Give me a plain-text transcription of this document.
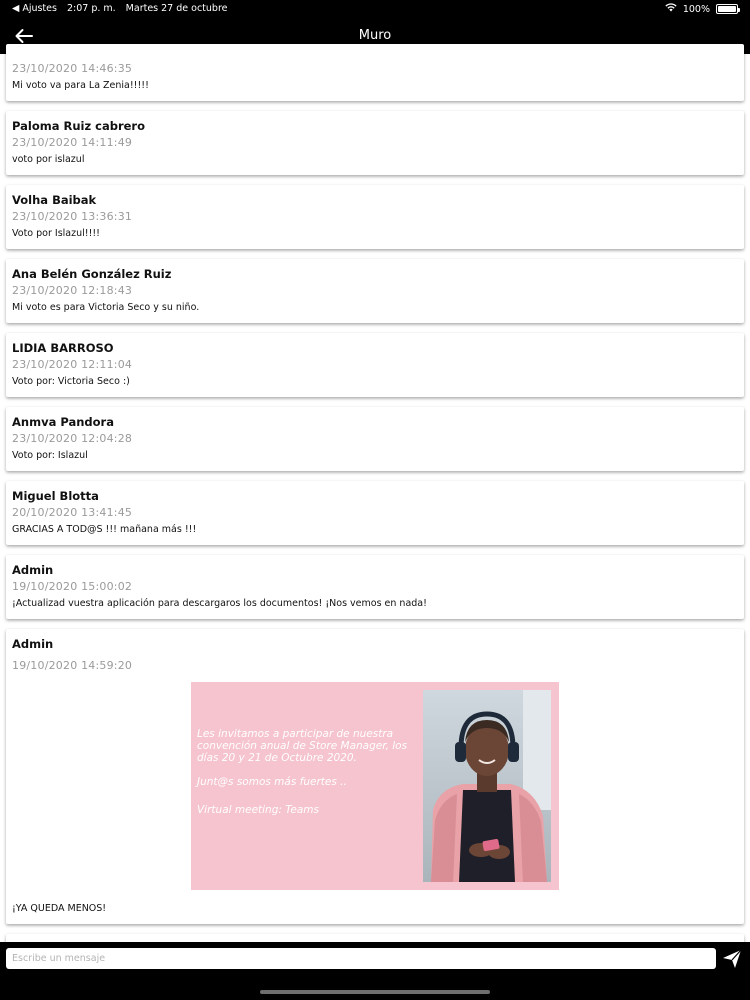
◀ Ajustes 2:07 p. m. Martes 27 de octubre	100%
Muro
23/10/2020 14:46:35
Mi voto va para La Zenia!!!!!
Paloma Ruiz cabrero
23/10/2020 14:11:49
voto por islazul
Volha Baibak
23/10/2020 13:36:31
Voto por Islazul!!!!
Ana Belén González Ruiz
23/10/2020 12:18:43
Mi voto es para Victoria Seco y su niño.
LIDIA BARROSO
23/10/2020 12:11:04
Voto por: Victoria Seco :)
Anmva Pandora
23/10/2020 12:04:28
Voto por: Islazul
Miguel Blotta
20/10/2020 13:41:45
GRACIAS A TOD@S !!! mañana más !!!
Admin
19/10/2020 15:00:02
¡Actualizad vuestra aplicación para descargaros los documentos! ¡Nos vemos en nada!
Admin
19/10/2020 14:59:20

Les invitamos a participar de nuestra convención anual de Store Manager, los días 20 y 21 de Octubre 2020.

Junt@s somos más fuertes ..

Virtual meeting: Teams

¡YA QUEDA MENOS!

Escribe un mensaje
